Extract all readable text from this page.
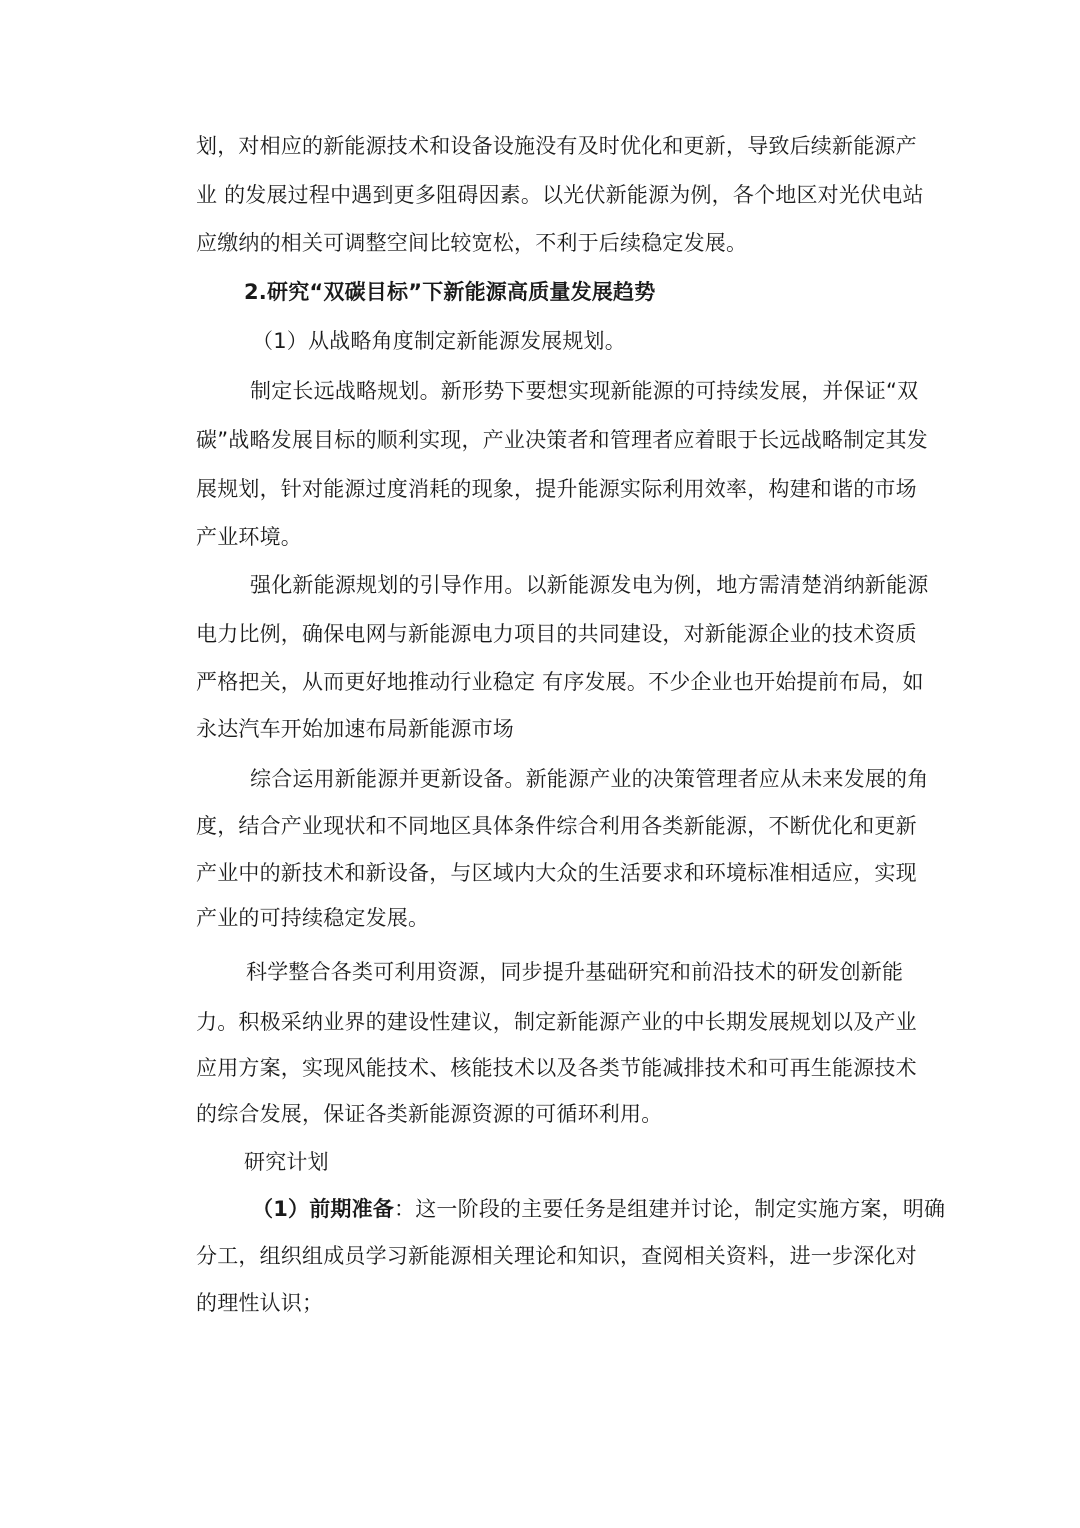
划，对相应的新能源技术和设备设施没有及时优化和更新，导致后续新能源产
业 的发展过程中遇到更多阻碍因素。以光伏新能源为例，各个地区对光伏电站
应缴纳的相关可调整空间比较宽松，不利于后续稳定发展。
2.研究“双碳目标”下新能源高质量发展趋势
（1）从战略角度制定新能源发展规划。
制定长远战略规划。新形势下要想实现新能源的可持续发展，并保证“双
碳”战略发展目标的顺利实现，产业决策者和管理者应着眼于长远战略制定其发
展规划，针对能源过度消耗的现象，提升能源实际利用效率，构建和谐的市场
产业环境。
强化新能源规划的引导作用。以新能源发电为例，地方需清楚消纳新能源
电力比例，确保电网与新能源电力项目的共同建设，对新能源企业的技术资质
严格把关，从而更好地推动行业稳定 有序发展。不少企业也开始提前布局，如
永达汽车开始加速布局新能源市场
综合运用新能源并更新设备。新能源产业的决策管理者应从未来发展的角
度，结合产业现状和不同地区具体条件综合利用各类新能源，不断优化和更新
产业中的新技术和新设备，与区域内大众的生活要求和环境标准相适应，实现
产业的可持续稳定发展。
科学整合各类可利用资源，同步提升基础研究和前沿技术的研发创新能
力。积极采纳业界的建设性建议，制定新能源产业的中长期发展规划以及产业
应用方案，实现风能技术、核能技术以及各类节能减排技术和可再生能源技术
的综合发展，保证各类新能源资源的可循环利用。
研究计划
（1）前期准备：这一阶段的主要任务是组建并讨论，制定实施方案，明确
分工，组织组成员学习新能源相关理论和知识，查阅相关资料，进一步深化对
的理性认识；
